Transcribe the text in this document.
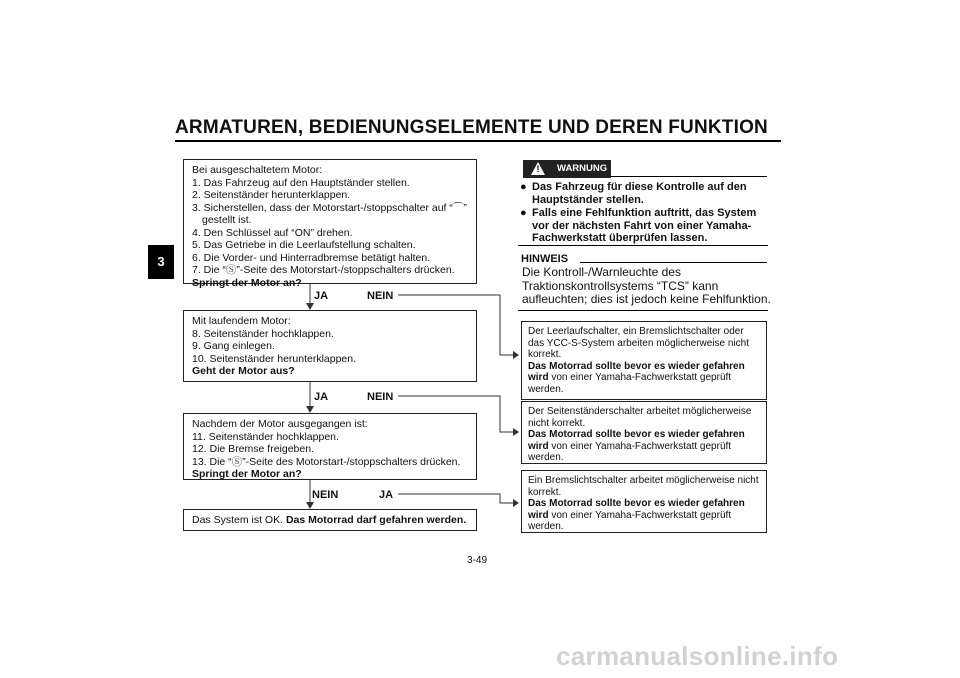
ARMATUREN, BEDIENUNGSELEMENTE UND DEREN FUNKTION
3
Bei ausgeschaltetem Motor:
1. Das Fahrzeug auf den Hauptständer stellen.
2. Seitenständer herunterklappen.
3. Sicherstellen, dass der Motorstart-/stoppschalter auf “⌒”
gestellt ist.
4. Den Schlüssel auf “ON” drehen.
5. Das Getriebe in die Leerlaufstellung schalten.
6. Die Vorder- und Hinterradbremse betätigt halten.
7. Die “Ⓢ”-Seite des Motorstart-/stoppschalters drücken.
Springt der Motor an?
JA	NEIN
Mit laufendem Motor:
8. Seitenständer hochklappen.
9. Gang einlegen.
10. Seitenständer herunterklappen.
Geht der Motor aus?
JA	NEIN
Nachdem der Motor ausgegangen ist:
11. Seitenständer hochklappen.
12. Die Bremse freigeben.
13. Die “Ⓢ”-Seite des Motorstart-/stoppschalters drücken.
Springt der Motor an?
NEIN	JA
Das System ist OK. Das Motorrad darf gefahren werden.
Der Leerlaufschalter, ein Bremslichtschalter oder das YCC-S-System arbeiten möglicherweise nicht korrekt.
Das Motorrad sollte bevor es wieder gefahren wird von einer Yamaha-Fachwerkstatt geprüft werden.
Der Seitenständerschalter arbeitet möglicherweise nicht korrekt.
Das Motorrad sollte bevor es wieder gefahren wird von einer Yamaha-Fachwerkstatt geprüft werden.
Ein Bremslichtschalter arbeitet möglicherweise nicht korrekt.
Das Motorrad sollte bevor es wieder gefahren wird von einer Yamaha-Fachwerkstatt geprüft werden.
! WARNUNG
● Das Fahrzeug für diese Kontrolle auf den Hauptständer stellen.
● Falls eine Fehlfunktion auftritt, das System vor der nächsten Fahrt von einer Yamaha-Fachwerkstatt überprüfen lassen.
HINWEIS
Die Kontroll-/Warnleuchte des Traktionskontrollsystems “TCS” kann aufleuchten; dies ist jedoch keine Fehlfunktion.
3-49
carmanualsonline.info
